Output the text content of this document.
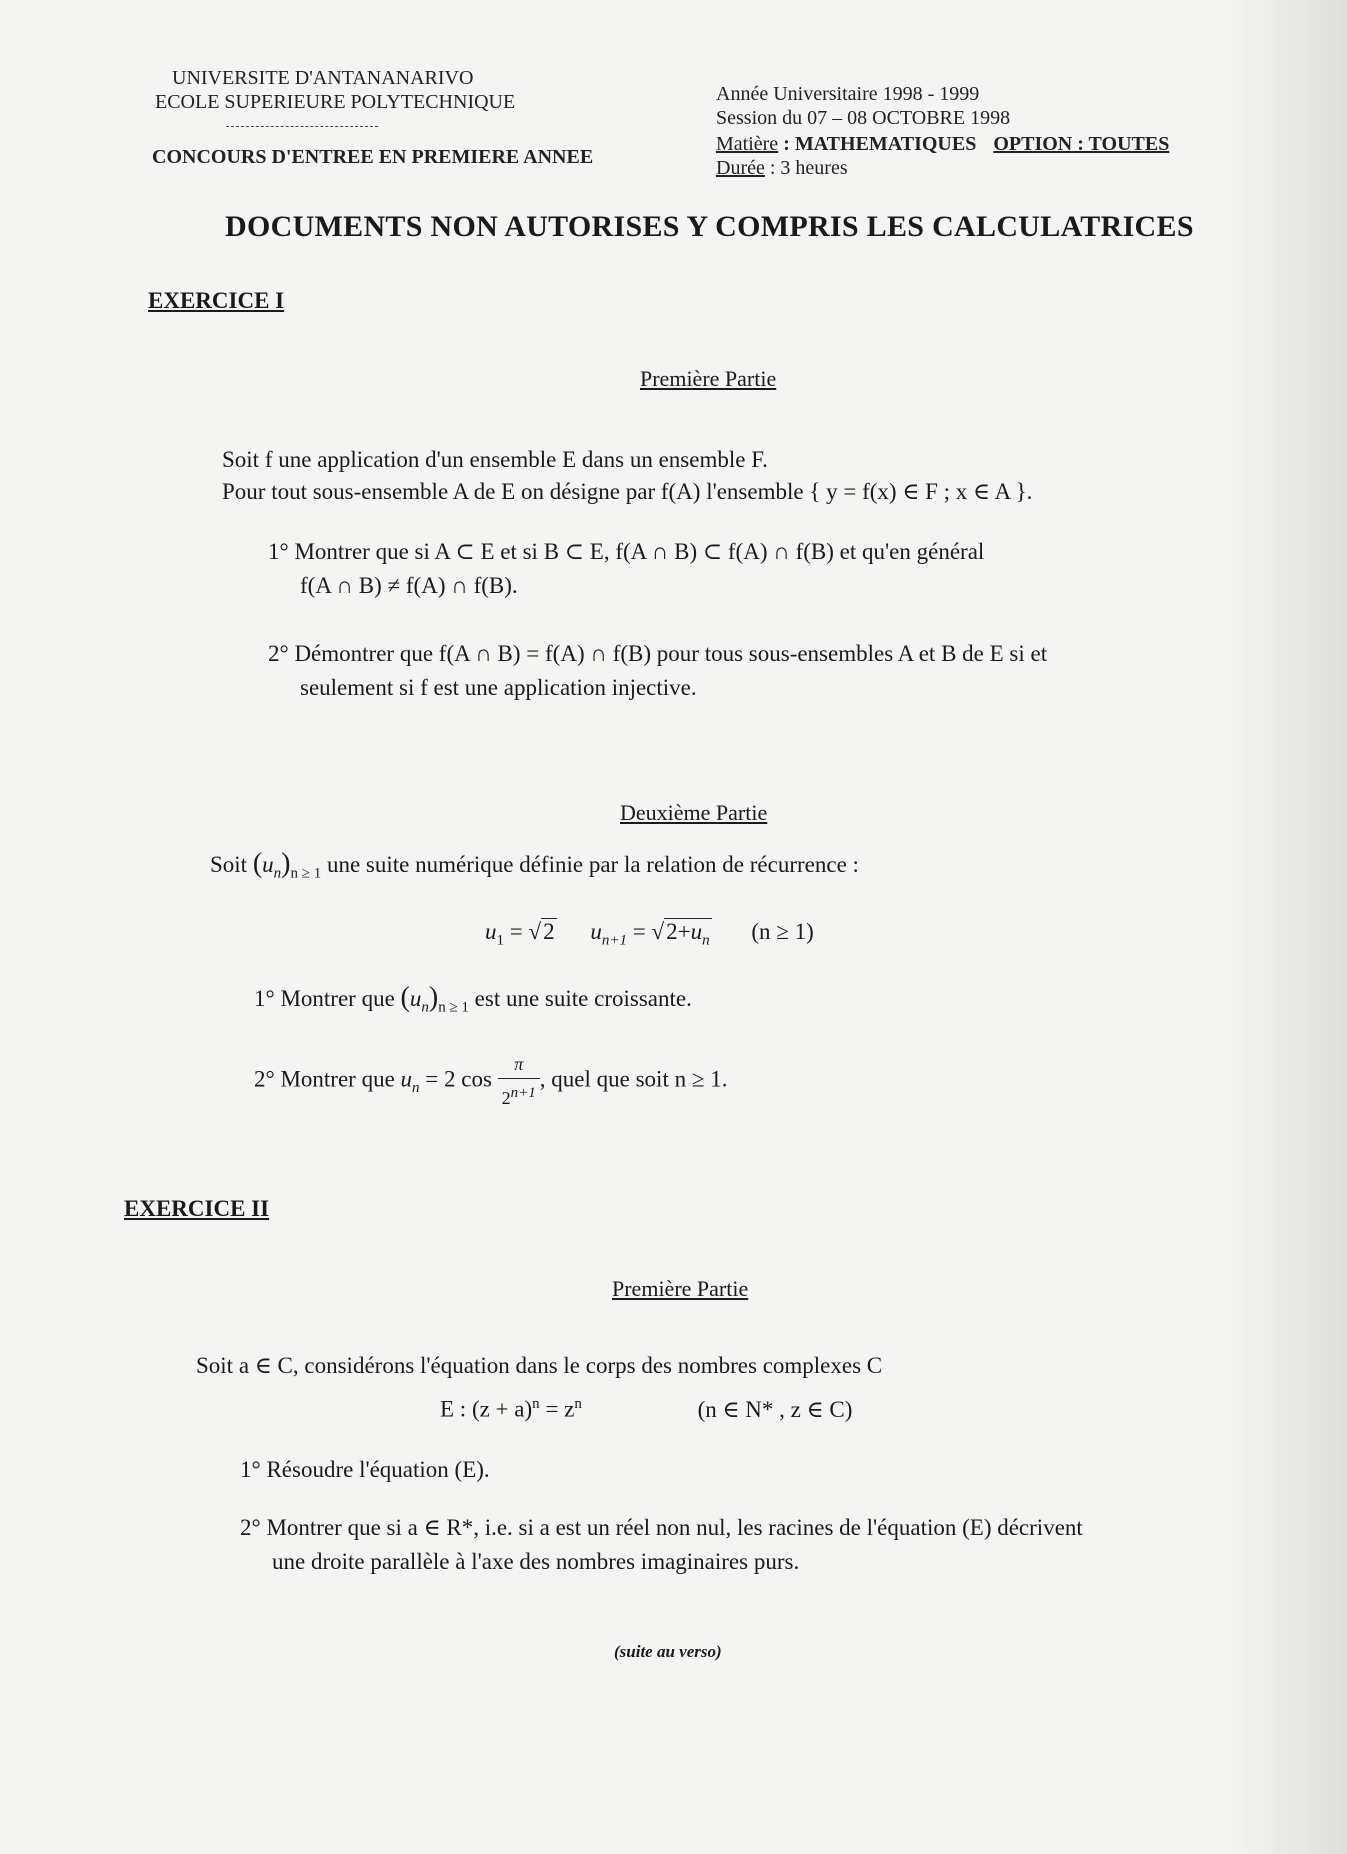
UNIVERSITE D'ANTANANARIVO
ECOLE SUPERIEURE POLYTECHNIQUE
CONCOURS D'ENTREE EN PREMIERE ANNEE
Année Universitaire 1998 - 1999
Session du 07 – 08 OCTOBRE 1998
Matière : MATHEMATIQUES OPTION : TOUTES
Durée : 3 heures
DOCUMENTS NON AUTORISES Y COMPRIS LES CALCULATRICES
EXERCICE I
Première Partie
Soit f une application d'un ensemble E dans un ensemble F.
Pour tout sous-ensemble A de E on désigne par f(A) l'ensemble { y = f(x) ∈ F ; x ∈ A }.
1° Montrer que si A ⊂ E et si B ⊂ E, f(A ∩ B) ⊂ f(A) ∩ f(B) et qu'en général
f(A ∩ B) ≠ f(A) ∩ f(B).
2° Démontrer que f(A ∩ B) = f(A) ∩ f(B) pour tous sous-ensembles A et B de E si et
seulement si f est une application injective.
Deuxième Partie
Soit $(u_n)_{n \ge 1}$ une suite numérique définie par la relation de récurrence :
$u_1 = √2$ $u_{n+1} = √2+u_n$ (n ≥ 1)
1° Montrer que $(u_n)_{n \ge 1}$ est une suite croissante.
2° Montrer que $u_n = 2$ $\cos \frac{\pi}{2^{n+1}}$ , quel que soit n ≥ 1.
EXERCICE II
Première Partie
Soit a ∈ C, considérons l'équation dans le corps des nombres complexes C
E : $(z + a)^n = z^n$	(n ∈ N* , z ∈ C)
1° Résoudre l'équation (E).
2° Montrer que si a ∈ R*, i.e. si a est un réel non nul, les racines de l'équation (E) décrivent
une droite parallèle à l'axe des nombres imaginaires purs.
(suite au verso)
